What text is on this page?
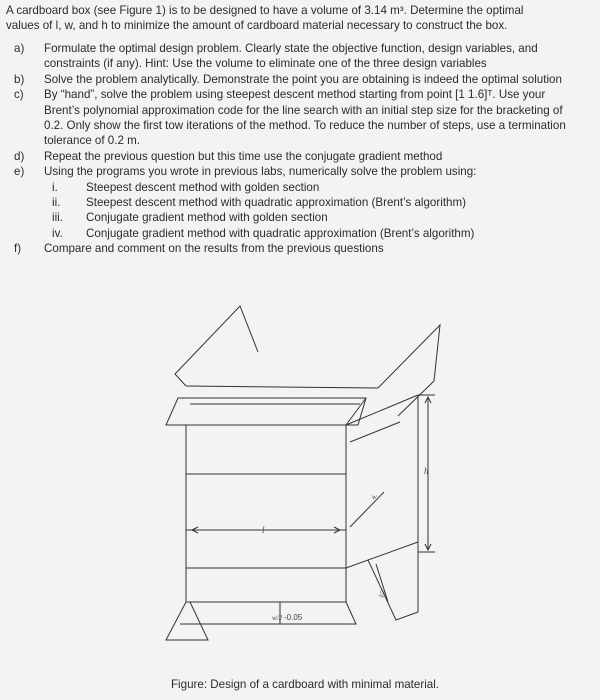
A cardboard box (see Figure 1) is to be designed to have a volume of 3.14 m³. Determine the optimal
values of l, w, and h to minimize the amount of cardboard material necessary to construct the box.
a)	Formulate the optimal design problem. Clearly state the objective function, design variables, and constraints (if any). Hint: Use the volume to eliminate one of the three design variables
b)	Solve the problem analytically. Demonstrate the point you are obtaining is indeed the optimal solution
c)	By “hand”, solve the problem using steepest descent method starting from point [1 1.6]ᵀ. Use your Brent’s polynomial approximation code for the line search with an initial step size for the bracketing of 0.2. Only show the first tow iterations of the method. To reduce the number of steps, use a termination tolerance of 0.2 m.
d)	Repeat the previous question but this time use the conjugate gradient method
e)	Using the programs you wrote in previous labs, numerically solve the problem using:
i.	Steepest descent method with golden section
ii.	Steepest descent method with quadratic approximation (Brent’s algorithm)
iii.	Conjugate gradient method with golden section
iv.	Conjugate gradient method with quadratic approximation (Brent’s algorithm)
f)	Compare and comment on the results from the previous questions
l
w
h
l/2
w/2 -0.05
Figure: Design of a cardboard with minimal material.
